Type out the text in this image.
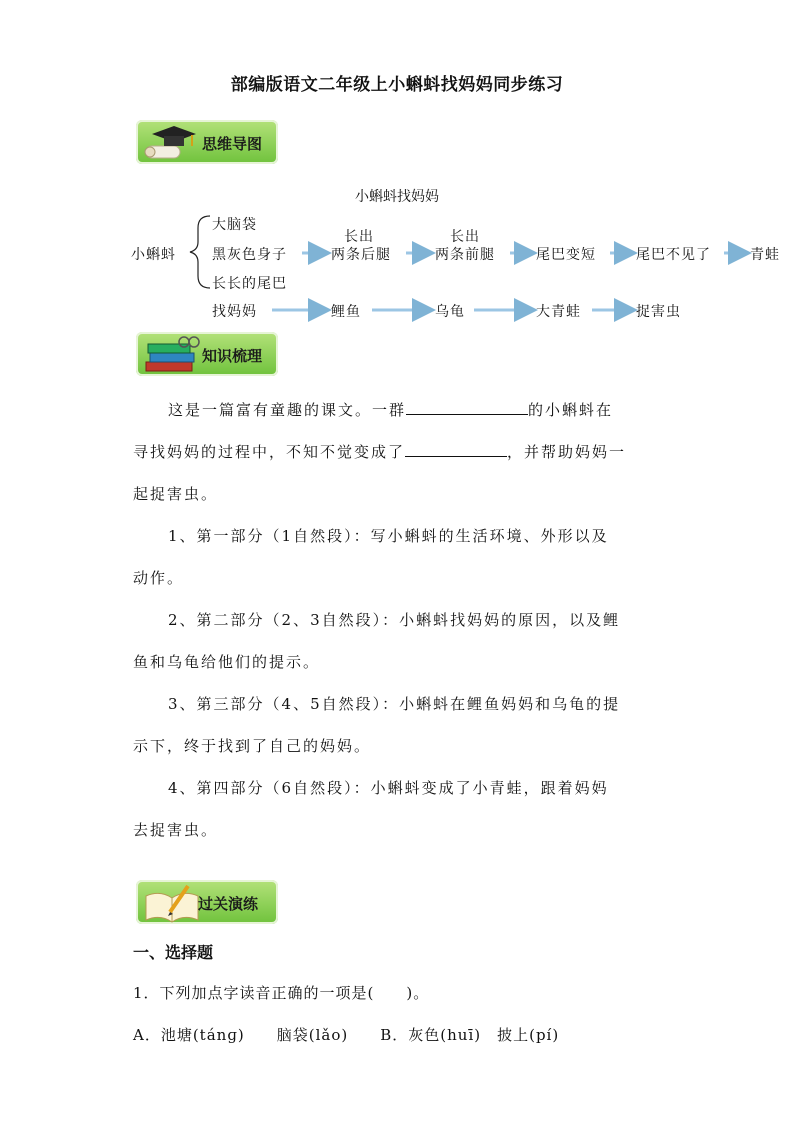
部编版语文二年级上小蝌蚪找妈妈同步练习
思维导图
小蝌蚪找妈妈
小蝌蚪
大脑袋
黑灰色身子
长长的尾巴
长出	长出
两条后腿	两条前腿	尾巴变短	尾巴不见了	青蛙
找妈妈	鲤鱼	乌龟	大青蛙	捉害虫
知识梳理
这是一篇富有童趣的课文。一群	的小蝌蚪在
寻找妈妈的过程中，不知不觉变成了	，并帮助妈妈一
起捉害虫。
1、第一部分（1自然段）：写小蝌蚪的生活环境、外形以及
动作。
2、第二部分（2、3自然段）：小蝌蚪找妈妈的原因，以及鲤
鱼和乌龟给他们的提示。
3、第三部分（4、5自然段）：小蝌蚪在鲤鱼妈妈和乌龟的提
示下，终于找到了自己的妈妈。
4、第四部分（6自然段）：小蝌蚪变成了小青蛙，跟着妈妈
去捉害虫。
过关演练
一、选择题
1．下列加点字读音正确的一项是(　　)。
A．池塘(tánɡ)　　脑袋(lǎo)　　B．灰色(huī)　披上(pí)
